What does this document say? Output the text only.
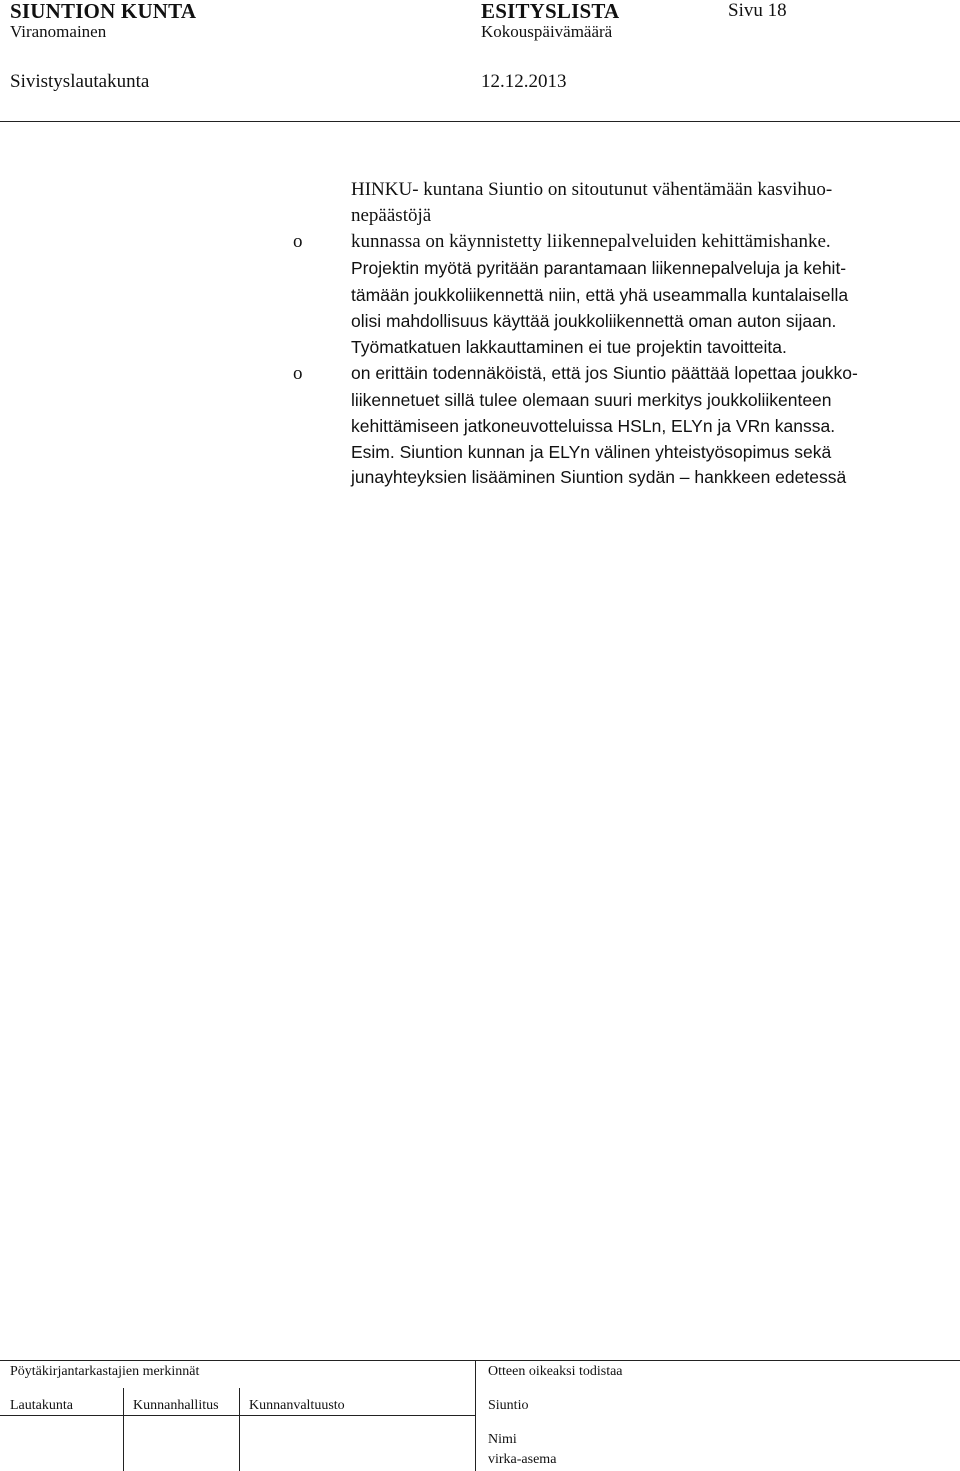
SIUNTION KUNTA	ESITYSLISTA	Sivu 18
Viranomainen	Kokouspäivämäärä
Sivistyslautakunta	12.12.2013
HINKU- kuntana Siuntio on sitoutunut vähentämään kasvihuo-
nepäästöjä
o	kunnassa on käynnistetty liikennepalveluiden kehittämishanke.
Projektin myötä pyritään parantamaan liikennepalveluja ja kehit-
tämään joukkoliikennettä niin, että yhä useammalla kuntalaisella
olisi mahdollisuus käyttää joukkoliikennettä oman auton sijaan.
Työmatkatuen lakkauttaminen ei tue projektin tavoitteita.
o	on erittäin todennäköistä, että jos Siuntio päättää lopettaa joukko-
liikennetuet sillä tulee olemaan suuri merkitys joukkoliikenteen
kehittämiseen jatkoneuvotteluissa HSLn, ELYn ja VRn kanssa.
Esim. Siuntion kunnan ja ELYn välinen yhteistyösopimus sekä
junayhteyksien lisääminen Siuntion sydän – hankkeen edetessä
Pöytäkirjantarkastajien merkinnät	Otteen oikeaksi todistaa
Lautakunta	Kunnanhallitus Kunnanvaltuusto	Siuntio
Nimi
virka-asema
